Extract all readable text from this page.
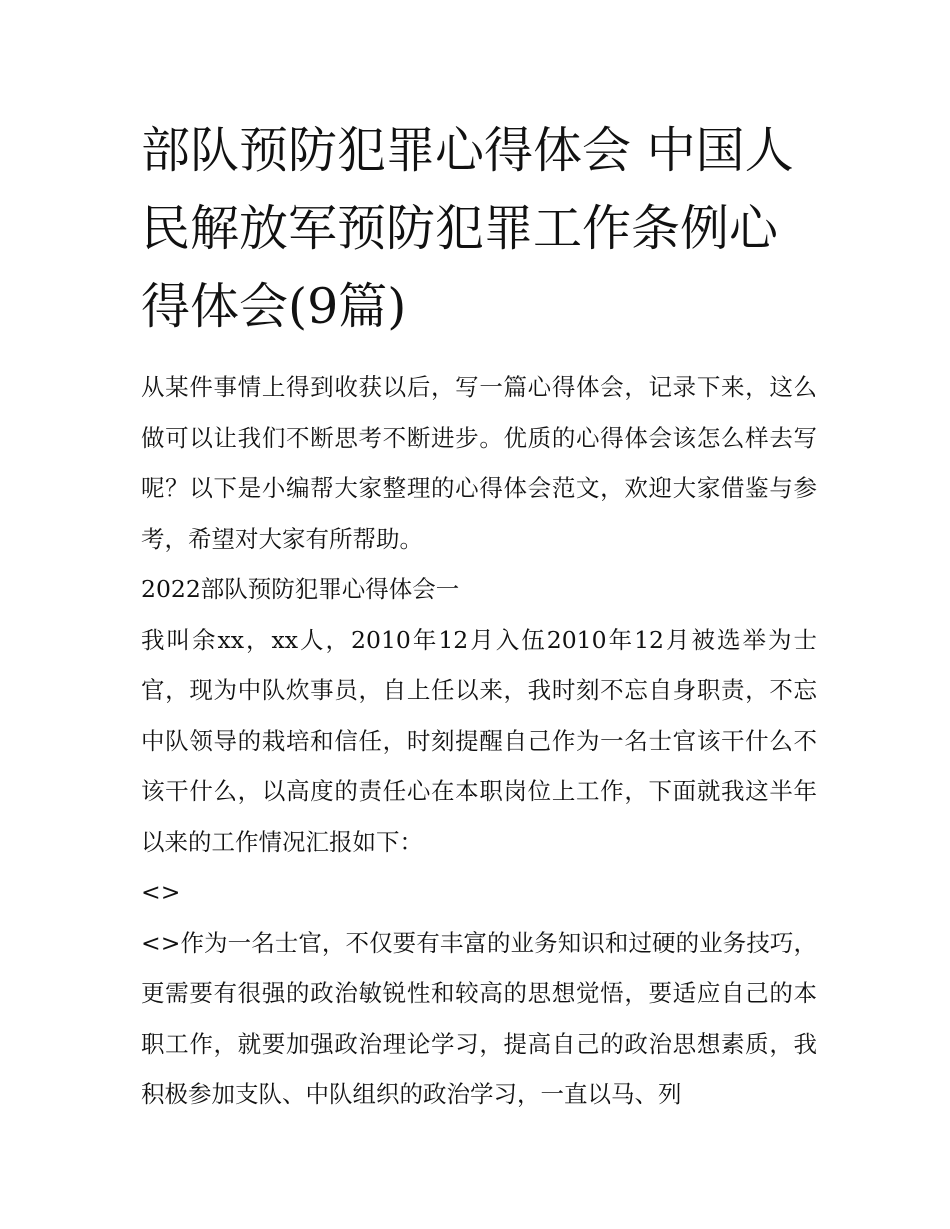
部队预防犯罪心得体会 中国人民解放军预防犯罪工作条例心得体会(9篇)

从某件事情上得到收获以后，写一篇心得体会，记录下来，这么做可以让我们不断思考不断进步。优质的心得体会该怎么样去写呢？以下是小编帮大家整理的心得体会范文，欢迎大家借鉴与参考，希望对大家有所帮助。

2022部队预防犯罪心得体会一

我叫余xx，xx人，2010年12月入伍2010年12月被选举为士官，现为中队炊事员，自上任以来，我时刻不忘自身职责，不忘中队领导的栽培和信任，时刻提醒自己作为一名士官该干什么不该干什么，以高度的责任心在本职岗位上工作，下面就我这半年以来的工作情况汇报如下：

<>

<>作为一名士官，不仅要有丰富的业务知识和过硬的业务技巧，更需要有很强的政治敏锐性和较高的思想觉悟，要适应自己的本职工作，就要加强政治理论学习，提高自己的政治思想素质，我积极参加支队、中队组织的政治学习，一直以马、列
